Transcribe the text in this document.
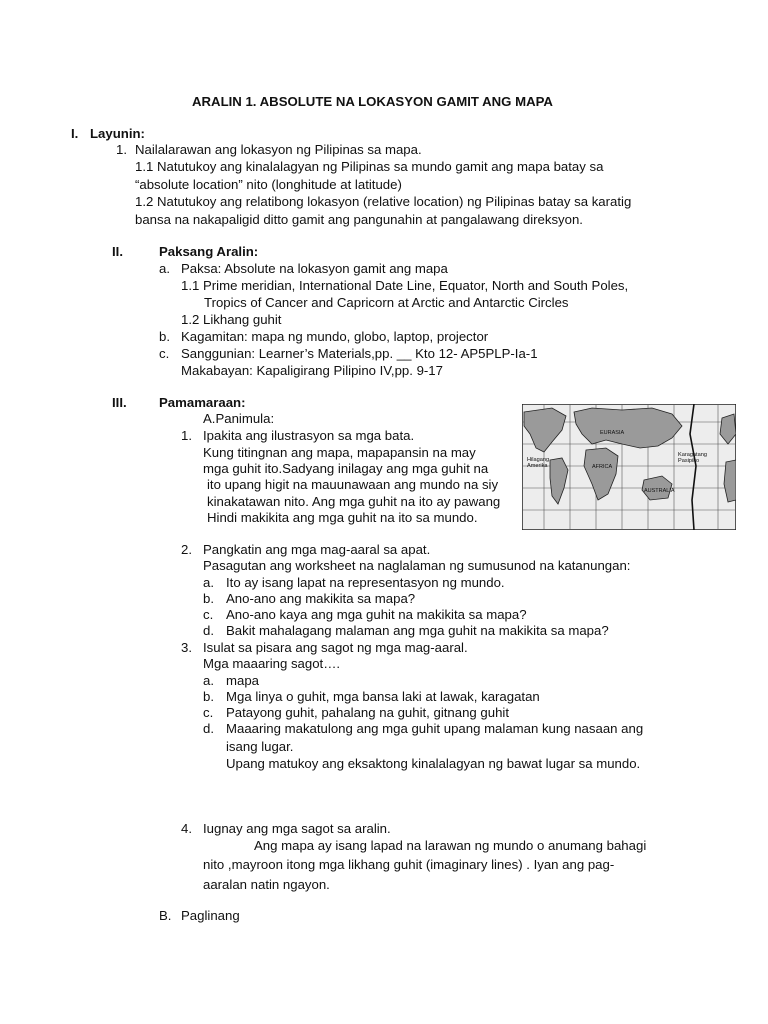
ARALIN 1. ABSOLUTE NA LOKASYON GAMIT ANG MAPA
I. Layunin:
1. Nailalarawan ang lokasyon ng Pilipinas sa mapa.
1.1 Natutukoy ang kinalalagyan ng Pilipinas sa mundo gamit ang mapa batay sa
“absolute location” nito (longhitude at latitude)
1.2 Natutukoy ang relatibong lokasyon (relative location) ng Pilipinas batay sa karatig
bansa na nakapaligid ditto gamit ang pangunahin at pangalawang direksyon.
II.	Paksang Aralin:
a. Paksa: Absolute na lokasyon gamit ang mapa
1.1 Prime meridian, International Date Line, Equator, North and South Poles,
Tropics of Cancer and Capricorn at Arctic and Antarctic Circles
1.2 Likhang guhit
b. Kagamitan: mapa ng mundo, globo, laptop, projector
c. Sanggunian: Learner’s Materials,pp. __ Kto 12- AP5PLP-Ia-1
Makabayan: Kapaligirang Pilipino IV,pp. 9-17
III. Pamamaraan:
A.Panimula:
1. Ipakita ang ilustrasyon sa mga bata.
Kung titingnan ang mapa, mapapansin na may
mga guhit ito.Sadyang inilagay ang mga guhit na
ito upang higit na mauunawaan ang mundo na siy
kinakatawan nito. Ang mga guhit na ito ay pawang
Hindi makikita ang mga guhit na ito sa mundo.
EURASIA
AFRICA
AUSTRALIA
Hilagang
Amerika
Karagatang
Pasipiko
2. Pangkatin ang mga mag-aaral sa apat.
Pasagutan ang worksheet na naglalaman ng sumusunod na katanungan:
a. Ito ay isang lapat na representasyon ng mundo.
b. Ano-ano ang makikita sa mapa?
c. Ano-ano kaya ang mga guhit na makikita sa mapa?
d. Bakit mahalagang malaman ang mga guhit na makikita sa mapa?
3. Isulat sa pisara ang sagot ng mga mag-aaral.
Mga maaaring sagot….
a. mapa
b. Mga linya o guhit, mga bansa laki at lawak, karagatan
c. Patayong guhit, pahalang na guhit, gitnang guhit
d. Maaaring makatulong ang mga guhit upang malaman kung nasaan ang
isang lugar.
Upang matukoy ang eksaktong kinalalagyan ng bawat lugar sa mundo.
4. Iugnay ang mga sagot sa aralin.
Ang mapa ay isang lapad na larawan ng mundo o anumang bahagi
nito ,mayroon itong mga likhang guhit (imaginary lines) . Iyan ang pag-
aaralan natin ngayon.
B. Paglinang
